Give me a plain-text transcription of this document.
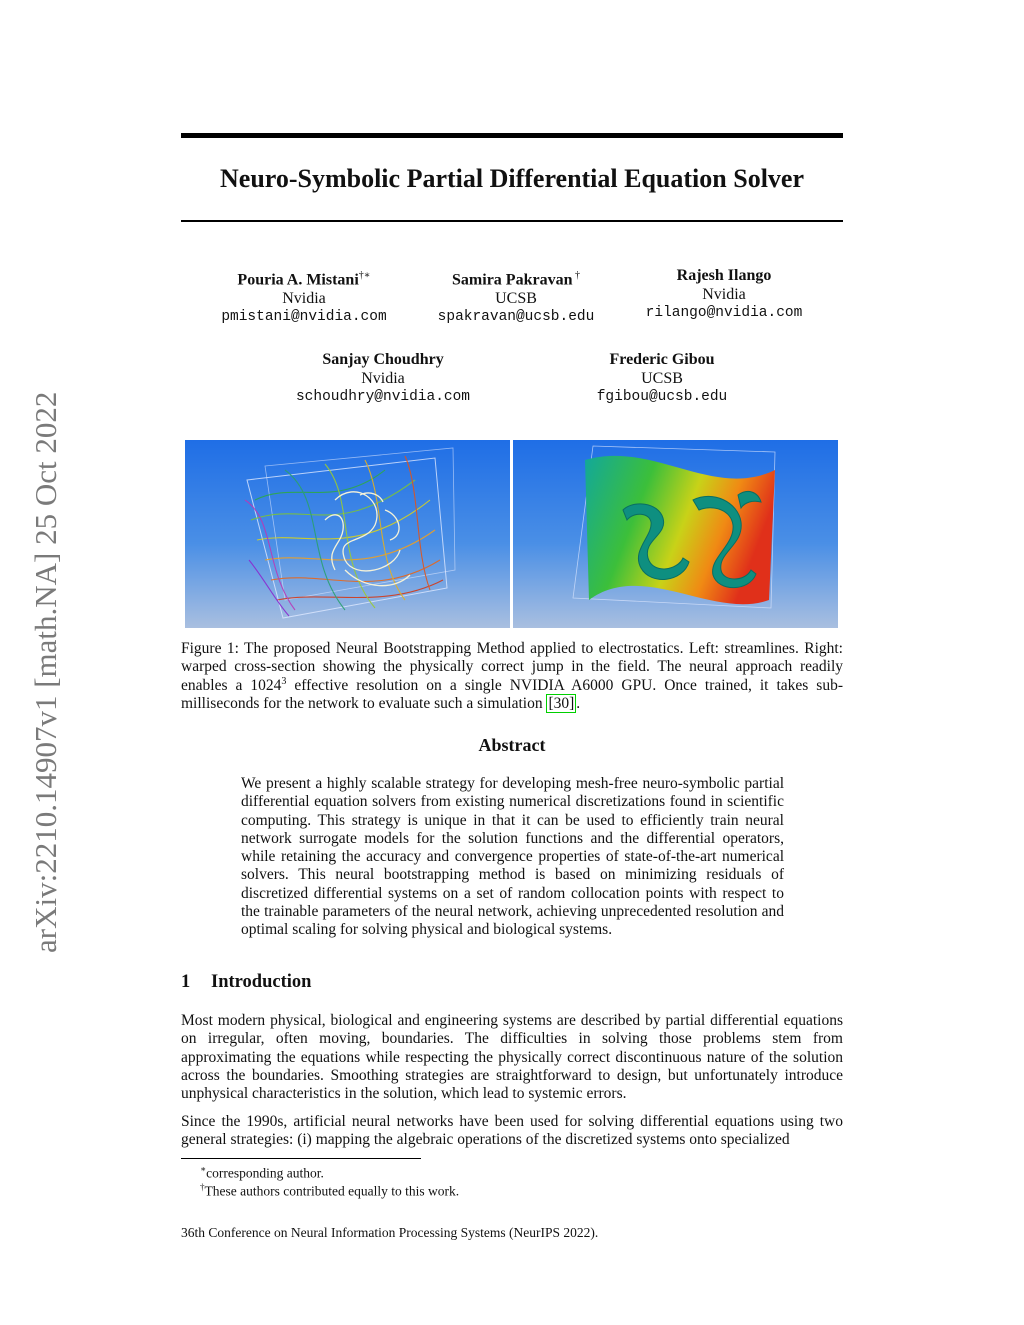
arXiv:2210.14907v1 [math.NA] 25 Oct 2022
Neuro-Symbolic Partial Differential Equation Solver
Pouria A. Mistani†∗
Nvidia
pmistani@nvidia.com
Samira Pakravan †
UCSB
spakravan@ucsb.edu
Rajesh Ilango
Nvidia
rilango@nvidia.com
Sanjay Choudhry
Nvidia
schoudhry@nvidia.com
Frederic Gibou
UCSB
fgibou@ucsb.edu
Figure 1: The proposed Neural Bootstrapping Method applied to electrostatics. Left: streamlines. Right: warped cross-section showing the physically correct jump in the field. The neural approach readily enables a 1024$^3$ effective resolution on a single NVIDIA A6000 GPU. Once trained, it takes sub-milliseconds for the network to evaluate such a simulation [30] .
Abstract
We present a highly scalable strategy for developing mesh-free neuro-symbolic partial differential equation solvers from existing numerical discretizations found in scientific computing. This strategy is unique in that it can be used to efficiently train neural network surrogate models for the solution functions and the differential operators, while retaining the accuracy and convergence properties of state-of-the-art numerical solvers. This neural bootstrapping method is based on minimizing residuals of discretized differential systems on a set of random collocation points with respect to the trainable parameters of the neural network, achieving unprecedented resolution and optimal scaling for solving physical and biological systems.
1 Introduction

Most modern physical, biological and engineering systems are described by partial differential equations on irregular, often moving, boundaries. The difficulties in solving those problems stem from approximating the equations while respecting the physically correct discontinuous nature of the solution across the boundaries. Smoothing strategies are straightforward to design, but unfortunately introduce unphysical characteristics in the solution, which lead to systemic errors.

Since the 1990s, artificial neural networks have been used for solving differential equations using two general strategies: (i) mapping the algebraic operations of the discretized systems onto specialized

∗corresponding author.
†These authors contributed equally to this work.
36th Conference on Neural Information Processing Systems (NeurIPS 2022).
